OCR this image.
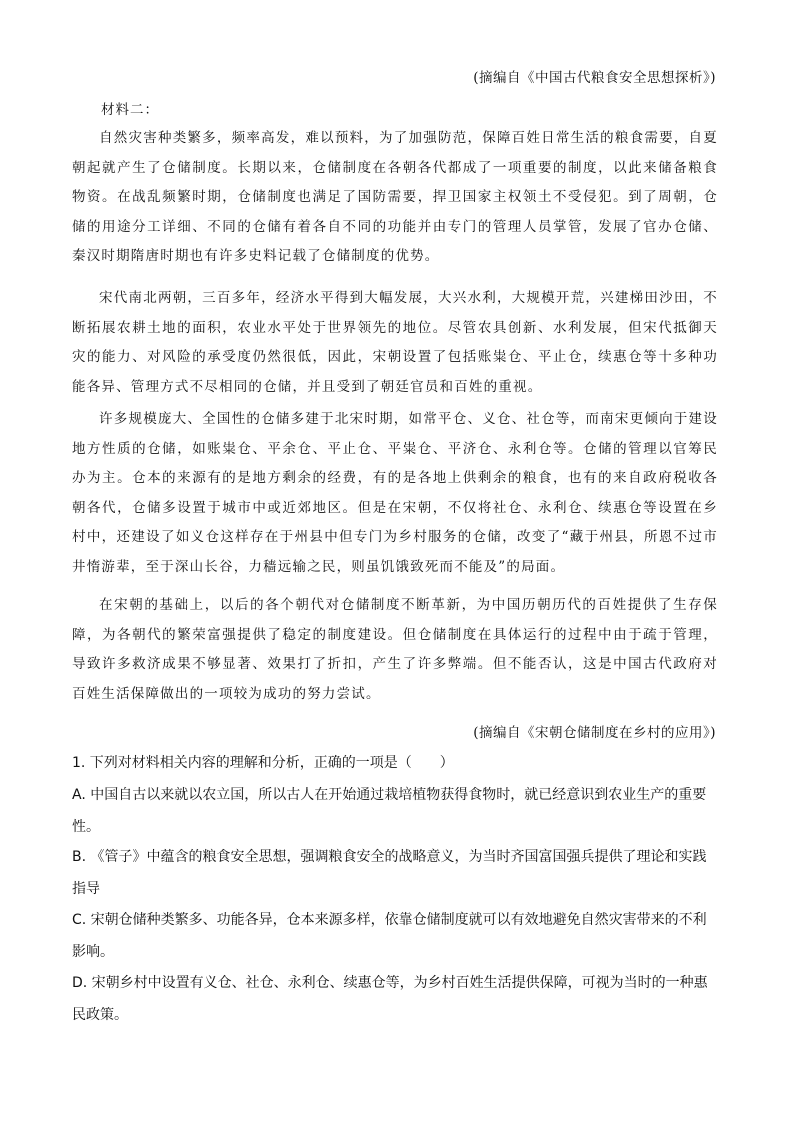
(摘编自《中国古代粮食安全思想探析》)
材料二：

自然灾害种类繁多，频率高发，难以预料，为了加强防范，保障百姓日常生活的粮食需要，自夏朝起就产生了仓储制度。长期以来，仓储制度在各朝各代都成了一项重要的制度，以此来储备粮食物资。在战乱频繁时期，仓储制度也满足了国防需要，捍卫国家主权领土不受侵犯。到了周朝，仓储的用途分工详细、不同的仓储有着各自不同的功能并由专门的管理人员掌管，发展了官办仓储、秦汉时期隋唐时期也有许多史料记载了仓储制度的优势。

宋代南北两朝，三百多年，经济水平得到大幅发展，大兴水利，大规模开荒，兴建梯田沙田，不断拓展农耕土地的面积，农业水平处于世界领先的地位。尽管农具创新、水利发展，但宋代抵御天灾的能力、对风险的承受度仍然很低，因此，宋朝设置了包括账粜仓、平止仓，续惠仓等十多种功能各异、管理方式不尽相同的仓储，并且受到了朝廷官员和百姓的重视。

许多规模庞大、全国性的仓储多建于北宋时期，如常平仓、义仓、社仓等，而南宋更倾向于建设地方性质的仓储，如账粜仓、平余仓、平止仓、平粜仓、平济仓、永利仓等。仓储的管理以官筹民办为主。仓本的来源有的是地方剩余的经费，有的是各地上供剩余的粮食，也有的来自政府税收各朝各代，仓储多设置于城市中或近郊地区。但是在宋朝，不仅将社仓、永利仓、续惠仓等设置在乡村中，还建设了如义仓这样存在于州县中但专门为乡村服务的仓储，改变了“藏于州县，所恩不过市井惰游辈，至于深山长谷，力穑远输之民，则虽饥饿致死而不能及”的局面。

在宋朝的基础上，以后的各个朝代对仓储制度不断革新，为中国历朝历代的百姓提供了生存保障，为各朝代的繁荣富强提供了稳定的制度建设。但仓储制度在具体运行的过程中由于疏于管理，导致许多救济成果不够显著、效果打了折扣，产生了许多弊端。但不能否认，这是中国古代政府对百姓生活保障做出的一项较为成功的努力尝试。

(摘编自《宋朝仓储制度在乡村的应用》)
1. 下列对材料相关内容的理解和分析，正确的一项是（　　）
A. 中国自古以来就以农立国，所以古人在开始通过栽培植物获得食物时，就已经意识到农业生产的重要性。
B. 《管子》中蕴含的粮食安全思想，强调粮食安全的战略意义，为当时齐国富国强兵提供了理论和实践指导
C. 宋朝仓储种类繁多、功能各异，仓本来源多样，依靠仓储制度就可以有效地避免自然灾害带来的不利影响。
D. 宋朝乡村中设置有义仓、社仓、永利仓、续惠仓等，为乡村百姓生活提供保障，可视为当时的一种惠民政策。
